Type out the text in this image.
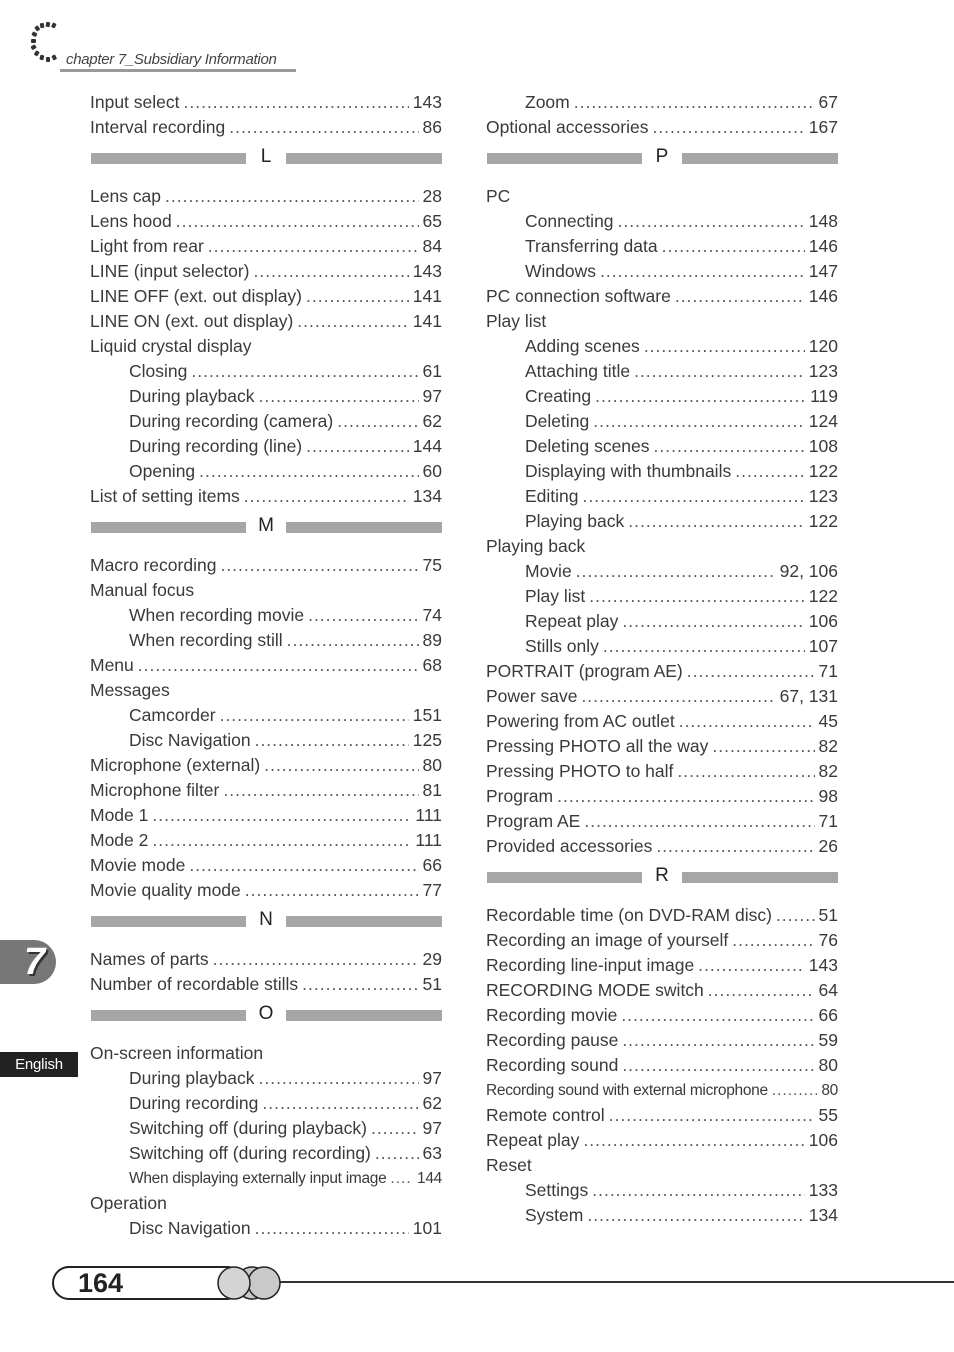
chapter 7_Subsidiary Information
Input select .....	143
Interval recording .....	86
L
Lens cap .....	28
Lens hood .....	65
Light from rear .....	84
LINE (input selector) .....	143
LINE OFF (ext. out display) .....	141
LINE ON (ext. out display) .....	141
Liquid crystal display
Closing .....	61
During playback .....	97
During recording (camera) .....	62
During recording (line) .....	144
Opening .....	60
List of setting items .....	134
M
Macro recording .....	75
Manual focus
When recording movie .....	74
When recording still .....	89
Menu .....	68
Messages
Camcorder .....	151
Disc Navigation .....	125
Microphone (external) .....	80
Microphone filter .....	81
Mode 1 .....	111
Mode 2 .....	111
Movie mode .....	66
Movie quality mode .....	77
N
Names of parts .....	29
Number of recordable stills .....	51
O
On-screen information
During playback .....	97
During recording .....	62
Switching off (during playback) .....	97
Switching off (during recording) .....	63
When displaying externally input image ..... 144
Operation
Disc Navigation .....	101
Zoom .....	67
Optional accessories .....	167
P
PC
Connecting .....	148
Transferring data .....	146
Windows .....	147
PC connection software .....	146
Play list
Adding scenes .....	120
Attaching title .....	123
Creating .....	119
Deleting .....	124
Deleting scenes .....	108
Displaying with thumbnails .....	122
Editing .....	123
Playing back .....	122
Playing back
Movie .....	92, 106
Play list .....	122
Repeat play .....	106
Stills only .....	107
PORTRAIT (program AE) .....	71
Power save .....	67, 131
Powering from AC outlet .....	45
Pressing PHOTO all the way .....	82
Pressing PHOTO to half .....	82
Program .....	98
Program AE .....	71
Provided accessories .....	26
R
Recordable time (on DVD-RAM disc) .....	51
Recording an image of yourself .....	76
Recording line-input image .....	143
RECORDING MODE switch .....	64
Recording movie .....	66
Recording pause .....	59
Recording sound .....	80
Recording sound with external microphone .....	80
Remote control .....	55
Repeat play .....	106
Reset
Settings .....	133
System .....	134
7
English
164
